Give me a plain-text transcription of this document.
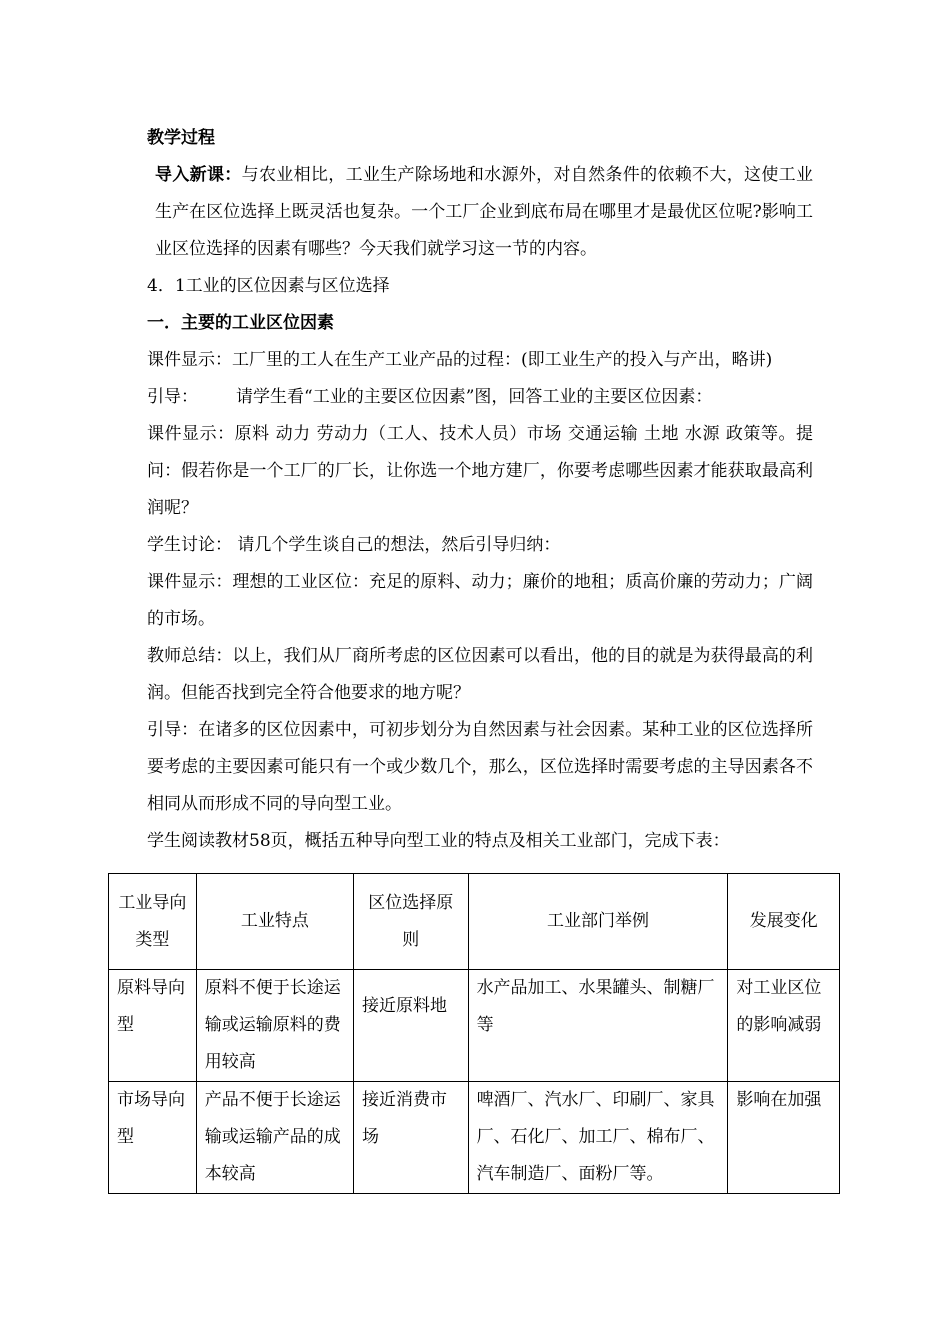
教学过程
导入新课：与农业相比，工业生产除场地和水源外，对自然条件的依赖不大，这使工业生产在区位选择上既灵活也复杂。一个工厂企业到底布局在哪里才是最优区位呢?影响工业区位选择的因素有哪些？今天我们就学习这一节的内容。
4．1工业的区位因素与区位选择
一．主要的工业区位因素
课件显示：工厂里的工人在生产工业产品的过程：(即工业生产的投入与产出，略讲)
引导： 请学生看“工业的主要区位因素”图，回答工业的主要区位因素：
课件显示：原料 动力 劳动力（工人、技术人员）市场 交通运输 土地 水源 政策等。提问：假若你是一个工厂的厂长，让你选一个地方建厂，你要考虑哪些因素才能获取最高利润呢？
学生讨论： 请几个学生谈自己的想法，然后引导归纳：
课件显示：理想的工业区位：充足的原料、动力；廉价的地租；质高价廉的劳动力；广阔的市场。
教师总结：以上，我们从厂商所考虑的区位因素可以看出，他的目的就是为获得最高的利润。但能否找到完全符合他要求的地方呢？
引导：在诸多的区位因素中，可初步划分为自然因素与社会因素。某种工业的区位选择所要考虑的主要因素可能只有一个或少数几个，那么，区位选择时需要考虑的主导因素各不相同从而形成不同的导向型工业。
学生阅读教材58页，概括五种导向型工业的特点及相关工业部门，完成下表：
工业导向类型	工业特点	区位选择原则	工业部门举例	发展变化
原料导向型	原料不便于长途运输或运输原料的费用较高	接近原料地	水产品加工、水果罐头、制糖厂等	对工业区位的影响减弱
市场导向型	产品不便于长途运输或运输产品的成本较高	接近消费市场	啤酒厂、汽水厂、印刷厂、家具厂、石化厂、加工厂、棉布厂、汽车制造厂、面粉厂等。	影响在加强
